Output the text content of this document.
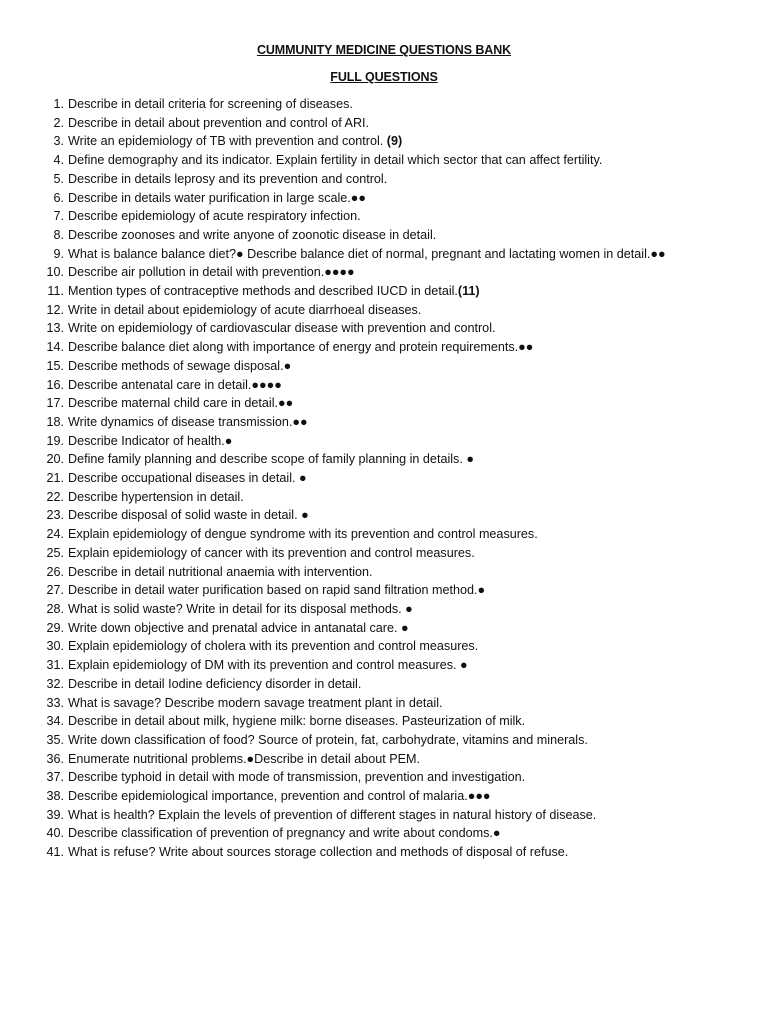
CUMMUNITY MEDICINE QUESTIONS BANK
FULL QUESTIONS
1. Describe in detail criteria for screening of diseases.
2. Describe in detail about prevention and control of ARI.
3. Write an epidemiology of TB with prevention and control. (9)
4. Define demography and its indicator. Explain fertility in detail which sector that can affect fertility.
5. Describe in details leprosy and its prevention and control.
6. Describe in details water purification in large scale.●●
7. Describe epidemiology of acute respiratory infection.
8. Describe zoonoses and write anyone of zoonotic disease in detail.
9. What is balance balance diet?● Describe balance diet of normal, pregnant and lactating women in detail.●●
10. Describe air pollution in detail with prevention.●●●●
11. Mention types of contraceptive methods and described IUCD in detail.(11)
12. Write in detail about epidemiology of acute diarrhoeal diseases.
13. Write on epidemiology of cardiovascular disease with prevention and control.
14. Describe balance diet along with importance of energy and protein requirements.●●
15. Describe methods of sewage disposal.●
16. Describe antenatal care in detail.●●●●
17. Describe maternal child care in detail.●●
18. Write dynamics of disease transmission.●●
19. Describe Indicator of health.●
20. Define family planning and describe scope of family planning in details. ●
21. Describe occupational diseases in detail. ●
22. Describe hypertension in detail.
23. Describe disposal of solid waste in detail. ●
24. Explain epidemiology of dengue syndrome with its prevention and control measures.
25. Explain epidemiology of cancer with its prevention and control measures.
26. Describe in detail nutritional anaemia with intervention.
27. Describe in detail water purification based on rapid sand filtration method.●
28. What is solid waste? Write in detail for its disposal methods. ●
29. Write down objective and prenatal advice in antanatal care. ●
30. Explain epidemiology of cholera with its prevention and control measures.
31. Explain epidemiology of DM with its prevention and control measures. ●
32. Describe in detail Iodine deficiency disorder in detail.
33. What is savage? Describe modern savage treatment plant in detail.
34. Describe in detail about milk, hygiene milk: borne diseases. Pasteurization of milk.
35. Write down classification of food? Source of protein, fat, carbohydrate, vitamins and minerals.
36. Enumerate nutritional problems.●Describe in detail about PEM.
37. Describe typhoid in detail with mode of transmission, prevention and investigation.
38. Describe epidemiological importance, prevention and control of malaria.●●●
39. What is health? Explain the levels of prevention of different stages in natural history of disease.
40. Describe classification of prevention of pregnancy and write about condoms.●
41. What is refuse? Write about sources storage collection and methods of disposal of refuse.
